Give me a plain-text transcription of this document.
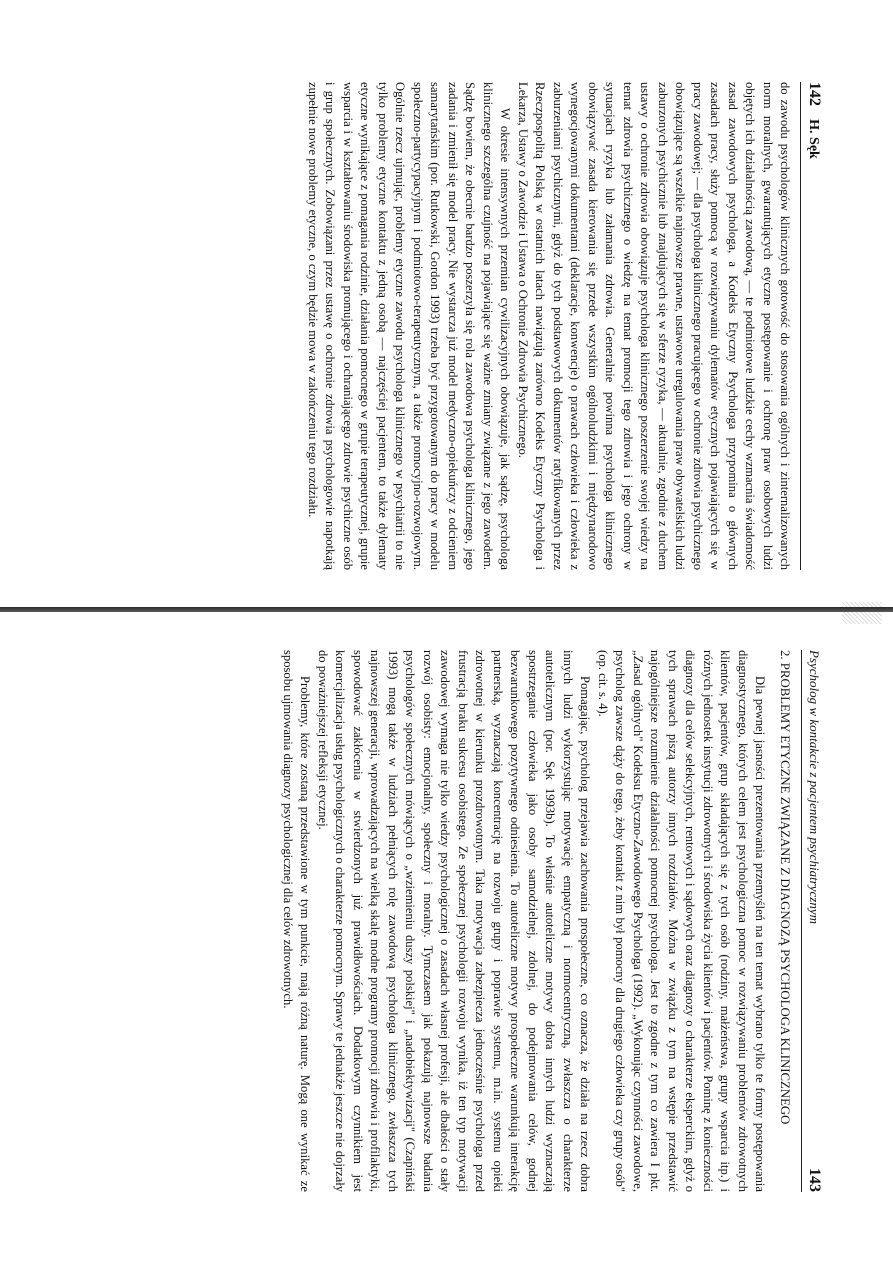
142 H. Sęk

do zawodu psychologów klinicznych gotowość do stosowania ogólnych i zinternalizowanych norm moralnych, gwarantujących etyczne postępowanie i ochronę praw osobowych ludzi objętych ich działalnością zawodową, — te podmiotowe ludzkie cechy wzmacnia świadomość zasad zawodowych psychologa, a Kodeks Etyczny Psychologa przypomina o głównych zasadach pracy, służy pomocą w rozwiązywaniu dylematów etycznych pojawiających się w pracy zawodowej; — dla psychologa klinicznego pracującego w ochronie zdrowia psychicznego obowiązujące są wszelkie najnowsze prawne, ustawowe uregulowania praw obywatelskich ludzi zaburzonych psychicznie lub znajdujących się w sferze ryzyka, — aktualnie, zgodnie z duchem ustawy o ochronie zdrowia obowiązuje psychologa klinicznego poszerzenie swojej wiedzy na temat zdrowia psychicznego o wiedzę na temat promocji tego zdrowia i jego ochrony w sytuacjach ryzyka lub załamania zdrowia. Generalnie powinna psychologa klinicznego obowiązywać zasada kierowania się przede wszystkim ogólnoludzkimi i międzynarodowo wynegocjowanymi dokumentami (deklaracje, konwencje) o prawach człowieka i człowieka z zaburzeniami psychicznymi, gdyż do tych podstawowych dokumentów ratyfikowanych przez Rzeczpospolitą Polską w ostatnich latach nawiązują zarówno Kodeks Etyczny Psychologa i Lekarza, Ustawy o Zawodzie i Ustawa o Ochronie Zdrowia Psychicznego.

W okresie intensywnych przemian cywilizacyjnych obowiązuje, jak sądzę, psychologa klinicznego szczególna czujność na pojawiające się ważne zmiany związane z jego zawodem. Sądzę bowiem, że obecnie bardzo poszerzyła się rola zawodowa psychologa klinicznego, jego zadania i zmienił się model pracy. Nie wystarcza już model medyczno-opiekuńczy z odcieniem samarytańskim (por. Rutkowski, Gordon 1993) trzeba być przygotowanym do pracy w modelu społeczno-partycypacyjnym i podmiotowo-terapeutycznym, a także promocyjno-rozwojowym. Ogólnie rzecz ujmując, problemy etyczne zawodu psychologa klinicznego w psychiatrii to nie tylko problemy etyczne kontaktu z jedną osobą — najczęściej pacjentem, to także dylematy etyczne wynikające z pomagania rodzinie, działania pomocnego w grupie terapeutycznej, grupie wsparcia i w kształtowaniu środowiska promującego i ochraniającego zdrowie psychiczne osób i grup społecznych. Zobowiązani przez ustawę o ochronie zdrowia psychologowie napotkają zupełnie nowe problemy etyczne, o czym będzie mowa w zakończeniu tego rozdziału.

Psycholog w kontakcie z pacjentem psychiatrycznym
143
2. PROBLEMY ETYCZNE ZWIĄZANE Z DIAGNOZĄ PSYCHOLOGA KLINICZNEGO

Dla pewnej jasności prezentowania przemyśleń na ten temat wybrano tylko te formy postępowania diagnostycznego, których celem jest psychologiczna pomoc w rozwiązywaniu problemów zdrowotnych klientów, pacjentów, grup składających się z tych osób (rodziny, małżeństwa, grupy wsparcia itp.) i różnych jednostek instytucji zdrowotnych i środowiska życia klientów i pacjentów. Pominę z konieczności diagnozy dla celów selekcyjnych, rentowych i sądowych oraz diagnozy o charakterze eksperckim, gdyż o tych sprawach piszą autorzy innych rozdziałów. Można w związku z tym na wstępie przedstawić najogólniejsze rozumienie działalności pomocnej psychologa. Jest to zgodne z tym co zawiera I pkt. „Zasad ogólnych" Kodeksu Etyczno-Zawodowego Psychologa (1992). „Wykonując czynności zawodowe, psycholog zawsze dąży do tego, żeby kontakt z nim był pomocny dla drugiego człowieka czy grupy osób" (op. cit. s. 4).

Pomagając, psycholog przejawia zachowania prospołeczne, co oznacza, że działa na rzecz dobra innych ludzi wykorzystując motywację empatyczną i normocentryczną, zwłaszcza o charakterze autotelicznym (por. Sęk 1993b). To właśnie autoteliczne motywy dobra innych ludzi wyznaczają spostrzeganie człowieka jako osoby samodzielnej, zdolnej, do podejmowania celów, godnej bezwarunkowego pozytywnego odniesienia. To autoteliczne motywy prospołeczne warunkują interakcję partnerską, wyznaczają koncentrację na rozwoju grupy i poprawie systemu, m.in. systemu opieki zdrowotnej w kierunku prozdrowotnym. Taka motywacja zabezpiecza jednocześnie psychologa przed frustracją braku sukcesu osobistego. Ze społecznej psychologii rozwoju wynika, iż ten typ motywacji zawodowej wymaga nie tylko wiedzy psychologicznej o zasadach własnej profesji, ale dbałości o stały rozwój osobisty: emocjonalny, społeczny i moralny. Tymczasem jak pokazują najnowsze badania psychologów społecznych mówiących o „wziemieniu duszy polskiej" i „nadobiektywizacji" (Czapiński 1993) mogą także w ludziach pełniących rolę zawodową psychologa klinicznego, zwłaszcza tych najnowszej generacji, wprowadzających na wielką skalę modne programy promocji zdrowia i profilaktyki, spowodować zakłócenia w stwierdzonych już prawidłowościach. Dodatkowym czynnikiem jest komercjalizacja usług psychologicznych o charakterze pomocnym. Sprawy te jednakże jeszcze nie dojrzały do poważniejszej refleksji etycznej.

Problemy, które zostaną przedstawione w tym punkcie, mają różną naturę. Mogą one wynikać ze sposobu ujmowania diagnozy psychologicznej dla celów zdrowotnych.
